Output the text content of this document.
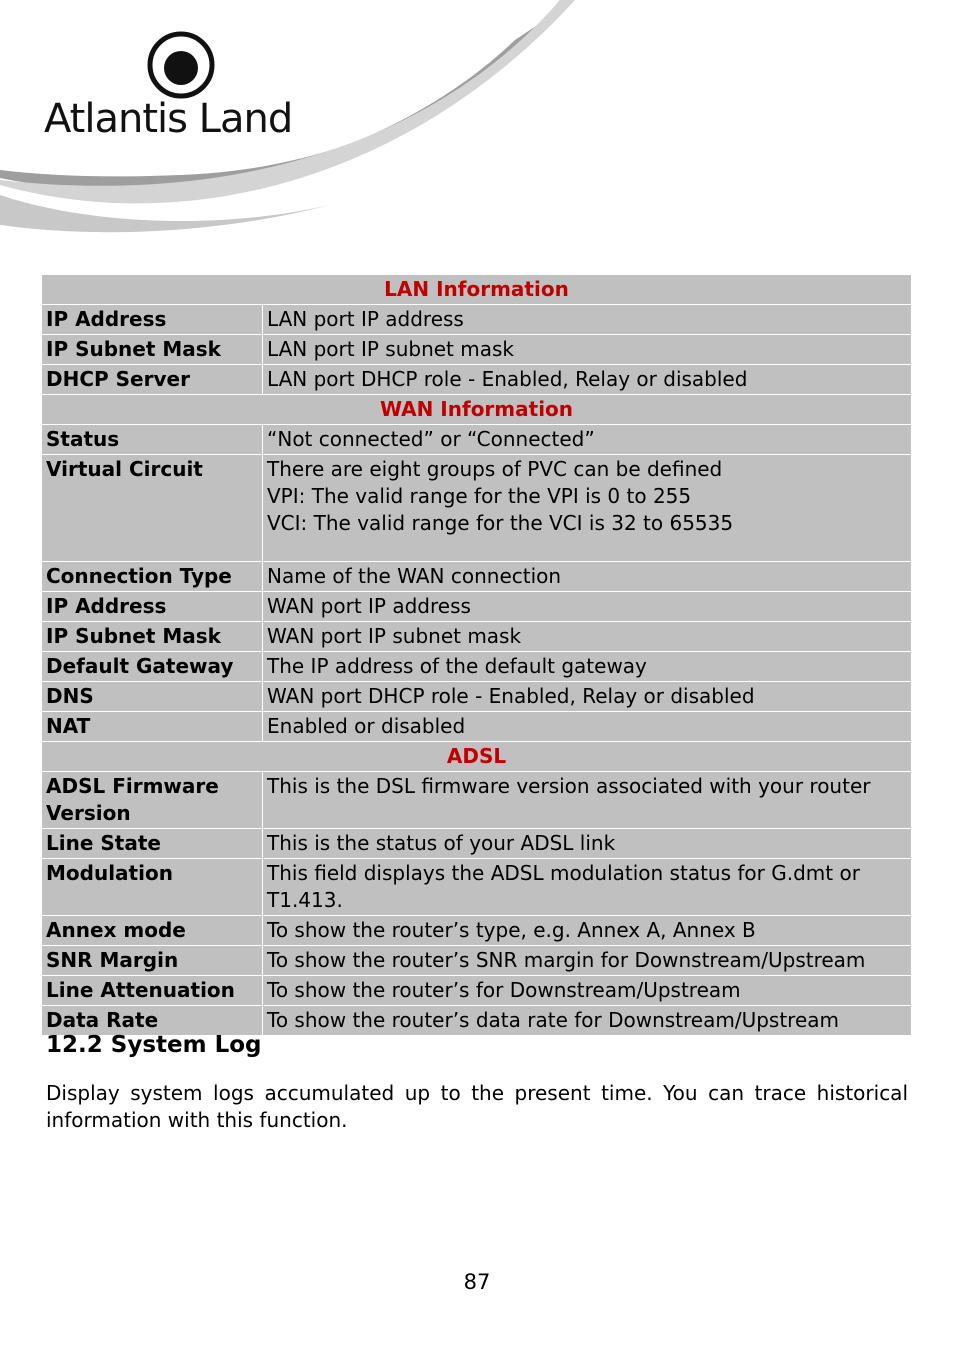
Atlantis Land
LAN Information	
IP Address	LAN port IP address

IP Subnet Mask	LAN port IP subnet mask

DHCP Server	LAN port DHCP role - Enabled, Relay or disabled

WAN Information	
Status	“Not connected” or “Connected”

Virtual Circuit	There are eight groups of PVC can be defined
VPI: The valid range for the VPI is 0 to 255
VCI: The valid range for the VCI is 32 to 65535

Connection Type	Name of the WAN connection

IP Address	WAN port IP address

IP Subnet Mask	WAN port IP subnet mask

Default Gateway	The IP address of the default gateway

DNS	WAN port DHCP role - Enabled, Relay or disabled

NAT	Enabled or disabled

ADSL	
ADSL Firmware Version	This is the DSL firmware version associated with your router

Line State	This is the status of your ADSL link

Modulation	This field displays the ADSL modulation status for G.dmt or T1.413.

Annex mode	To show the router’s type, e.g. Annex A, Annex B

SNR Margin	To show the router’s SNR margin for Downstream/Upstream

Line Attenuation	To show the router’s for Downstream/Upstream

Data Rate	To show the router’s data rate for Downstream/Upstream
12.2 System Log
Display system logs accumulated up to the present time. You can trace historical information with this function.
87
